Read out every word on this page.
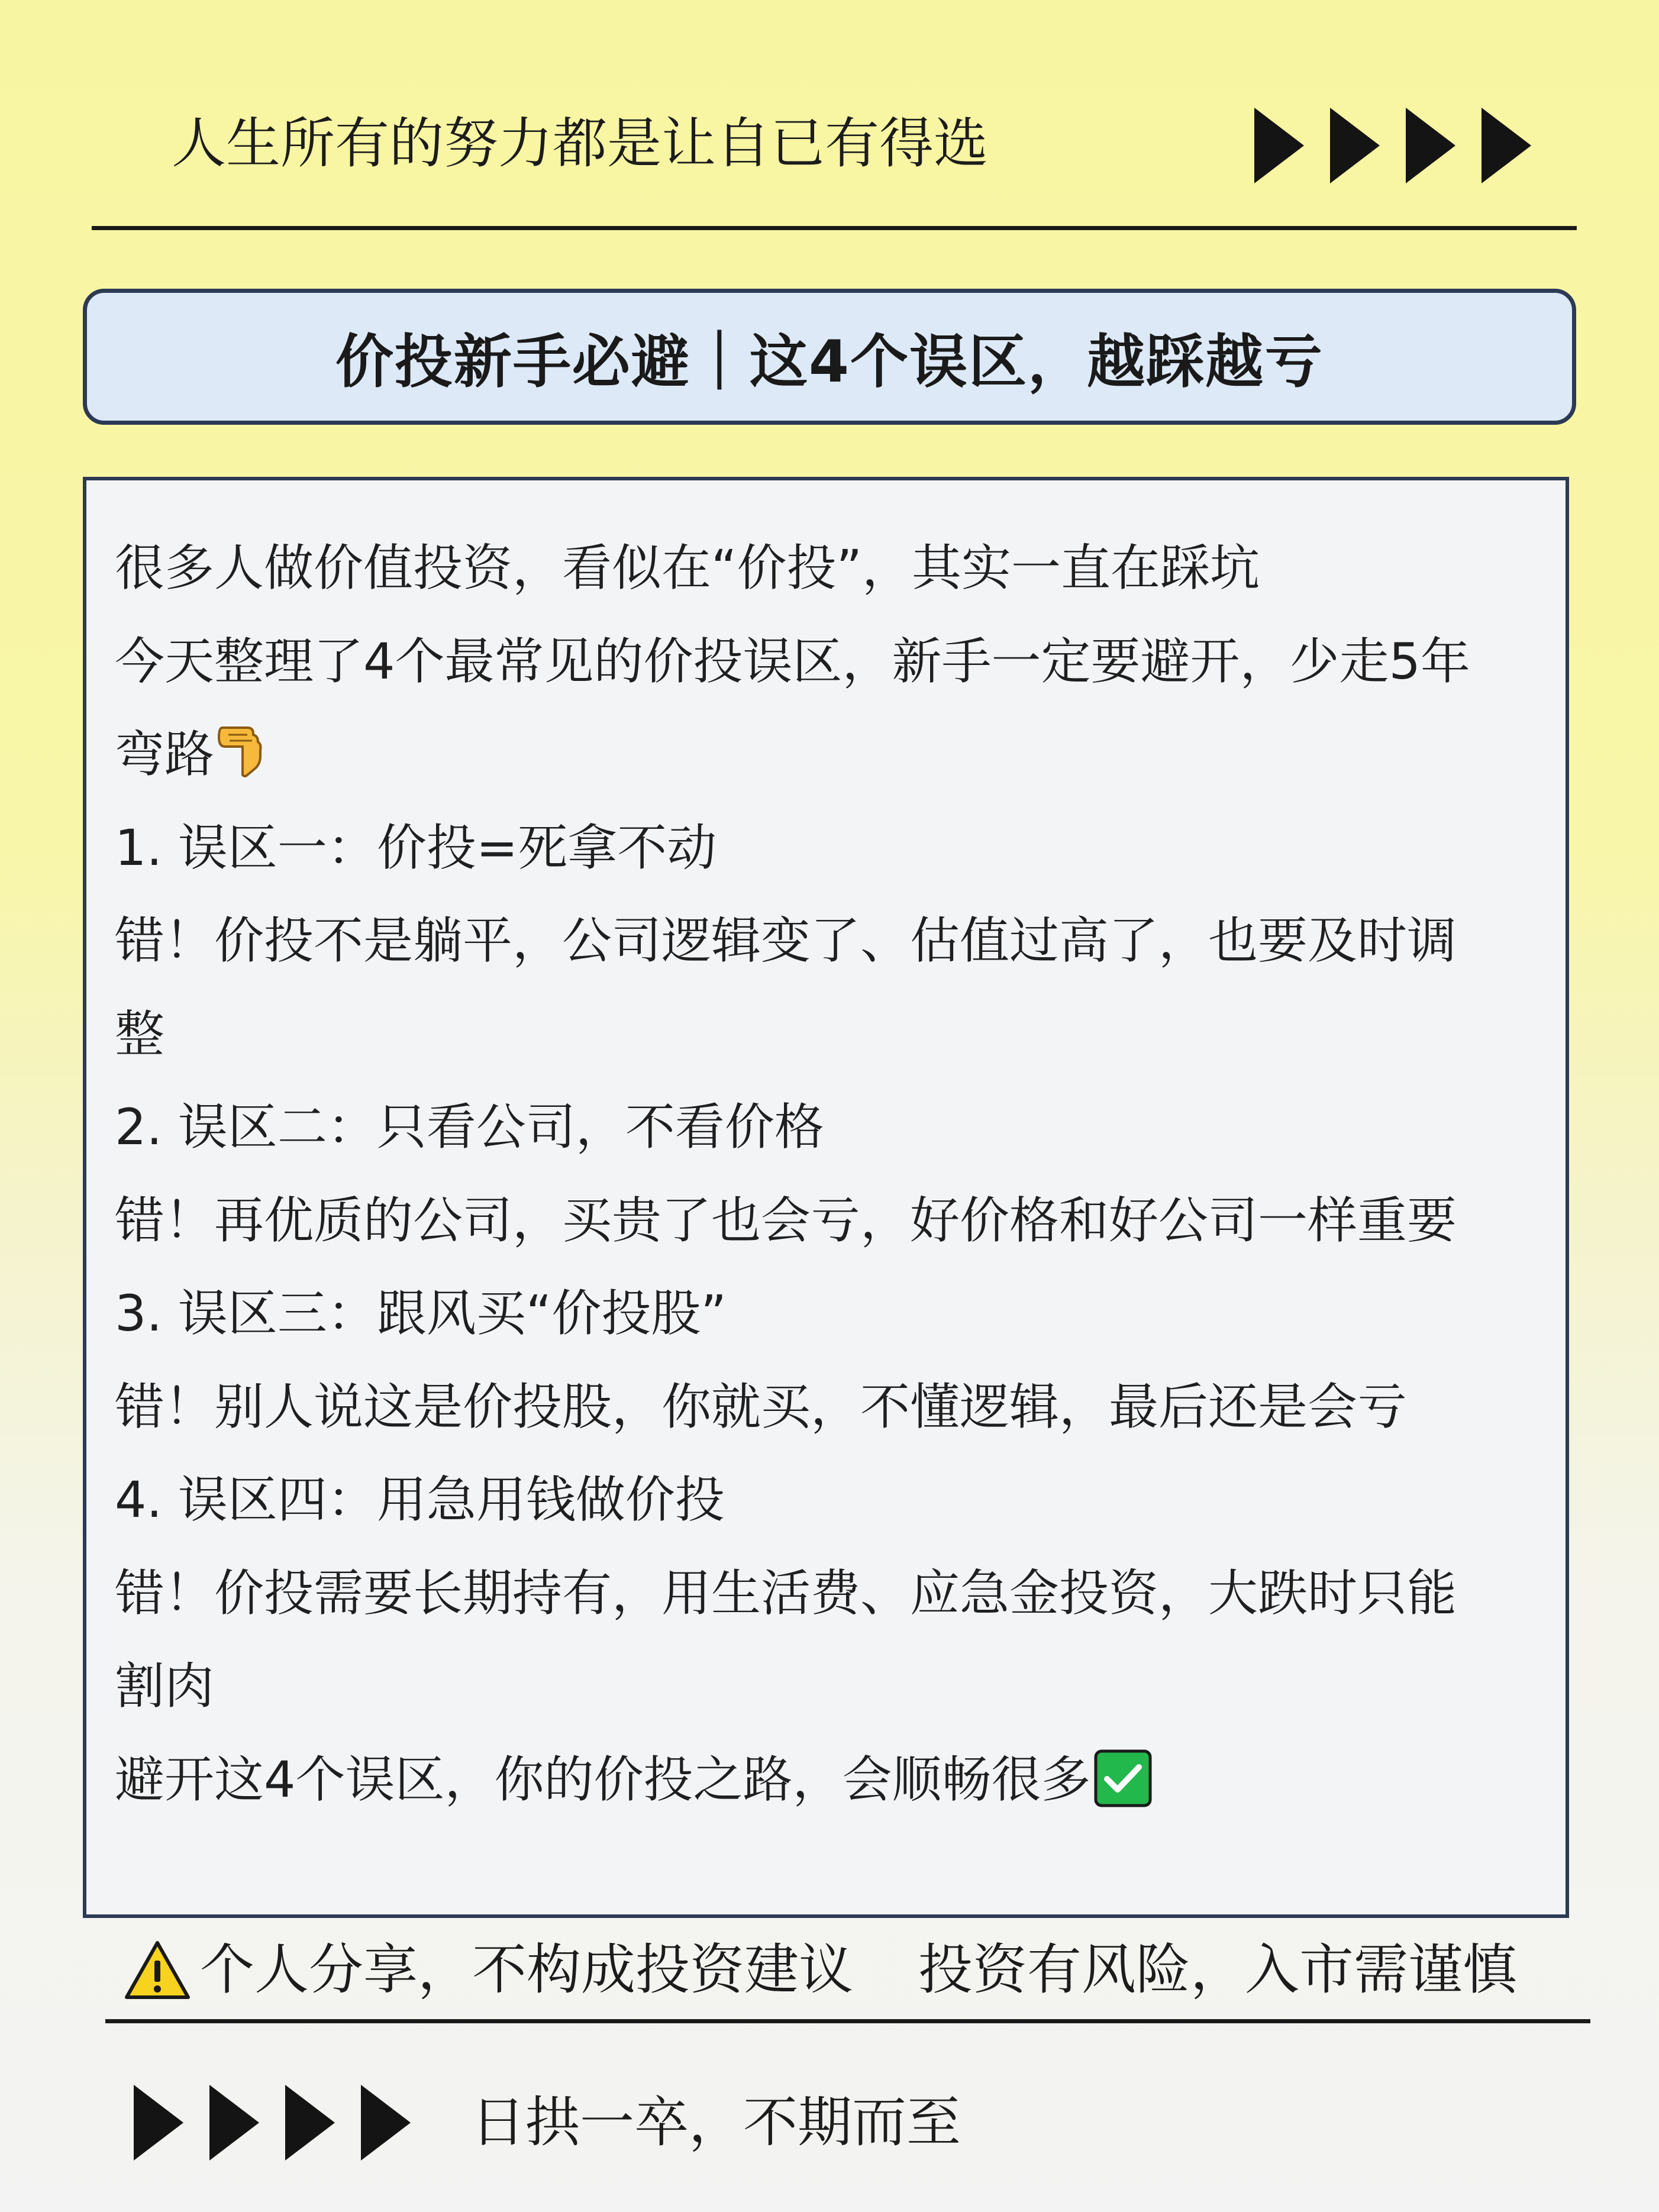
人生所有的努力都是让自已有得选
价投新手必避｜这4个误区，越踩越亏
很多人做价值投资，看似在“价投”，其实一直在踩坑
今天整理了4个最常见的价投误区，新手一定要避开，少走5年
弯路
1. 误区一：价投=死拿不动
错！价投不是躺平，公司逻辑变了、估值过高了，也要及时调
整
2. 误区二：只看公司，不看价格
错！再优质的公司，买贵了也会亏，好价格和好公司一样重要
3. 误区三：跟风买“价投股”
错！别人说这是价投股，你就买，不懂逻辑，最后还是会亏
4. 误区四：用急用钱做价投
错！价投需要长期持有，用生活费、应急金投资，大跌时只能
割肉
避开这4个误区，你的价投之路，会顺畅很多
个人分享，不构成投资建议 投资有风险，入市需谨慎
日拱一卒，不期而至
